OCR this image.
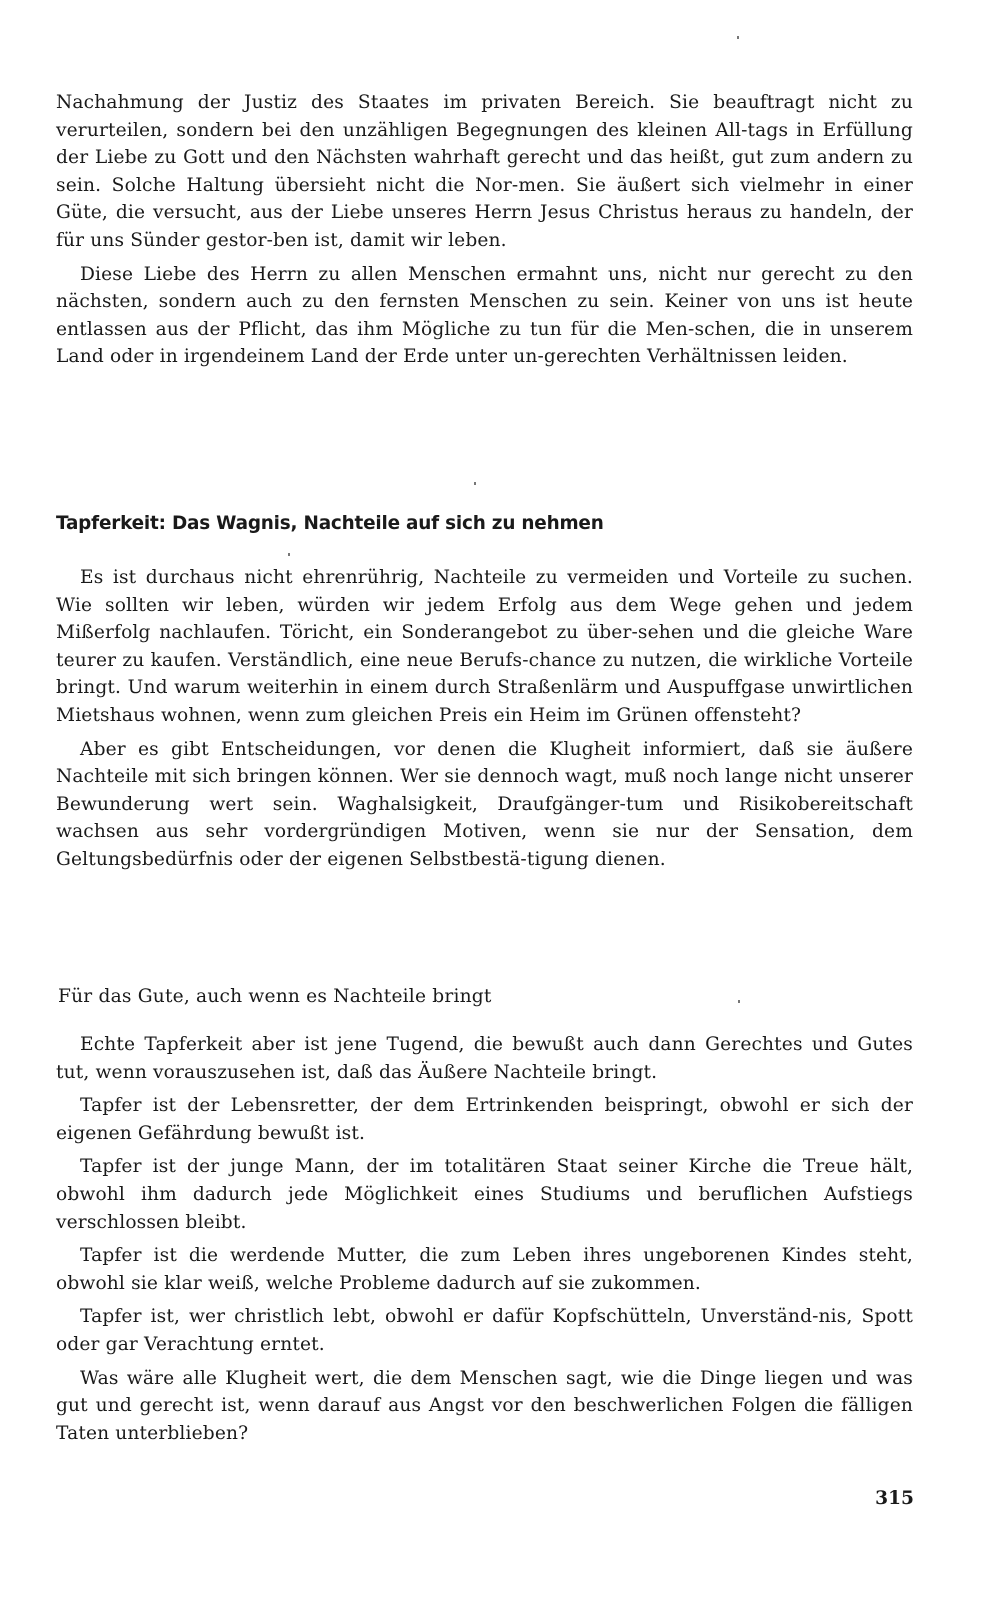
Nachahmung der Justiz des Staates im privaten Bereich. Sie beauftragt nicht zu verurteilen, sondern bei den unzähligen Begegnungen des kleinen All-tags in Erfüllung der Liebe zu Gott und den Nächsten wahrhaft gerecht und das heißt, gut zum andern zu sein. Solche Haltung übersieht nicht die Nor-men. Sie äußert sich vielmehr in einer Güte, die versucht, aus der Liebe unseres Herrn Jesus Christus heraus zu handeln, der für uns Sünder gestor-ben ist, damit wir leben.

Diese Liebe des Herrn zu allen Menschen ermahnt uns, nicht nur gerecht zu den nächsten, sondern auch zu den fernsten Menschen zu sein. Keiner von uns ist heute entlassen aus der Pflicht, das ihm Mögliche zu tun für die Men-schen, die in unserem Land oder in irgendeinem Land der Erde unter un-gerechten Verhältnissen leiden.

Tapferkeit: Das Wagnis, Nachteile auf sich zu nehmen

Es ist durchaus nicht ehrenrührig, Nachteile zu vermeiden und Vorteile zu suchen. Wie sollten wir leben, würden wir jedem Erfolg aus dem Wege gehen und jedem Mißerfolg nachlaufen. Töricht, ein Sonderangebot zu über-sehen und die gleiche Ware teurer zu kaufen. Verständlich, eine neue Berufs-chance zu nutzen, die wirkliche Vorteile bringt. Und warum weiterhin in einem durch Straßenlärm und Auspuffgase unwirtlichen Mietshaus wohnen, wenn zum gleichen Preis ein Heim im Grünen offensteht?

Aber es gibt Entscheidungen, vor denen die Klugheit informiert, daß sie äußere Nachteile mit sich bringen können. Wer sie dennoch wagt, muß noch lange nicht unserer Bewunderung wert sein. Waghalsigkeit, Draufgänger-tum und Risikobereitschaft wachsen aus sehr vordergründigen Motiven, wenn sie nur der Sensation, dem Geltungsbedürfnis oder der eigenen Selbstbestä-tigung dienen.

Für das Gute, auch wenn es Nachteile bringt

Echte Tapferkeit aber ist jene Tugend, die bewußt auch dann Gerechtes und Gutes tut, wenn vorauszusehen ist, daß das Äußere Nachteile bringt.

Tapfer ist der Lebensretter, der dem Ertrinkenden beispringt, obwohl er sich der eigenen Gefährdung bewußt ist.

Tapfer ist der junge Mann, der im totalitären Staat seiner Kirche die Treue hält, obwohl ihm dadurch jede Möglichkeit eines Studiums und beruflichen Aufstiegs verschlossen bleibt.

Tapfer ist die werdende Mutter, die zum Leben ihres ungeborenen Kindes steht, obwohl sie klar weiß, welche Probleme dadurch auf sie zukommen.

Tapfer ist, wer christlich lebt, obwohl er dafür Kopfschütteln, Unverständ-nis, Spott oder gar Verachtung erntet.

Was wäre alle Klugheit wert, die dem Menschen sagt, wie die Dinge liegen und was gut und gerecht ist, wenn darauf aus Angst vor den beschwerlichen Folgen die fälligen Taten unterblieben?

315
